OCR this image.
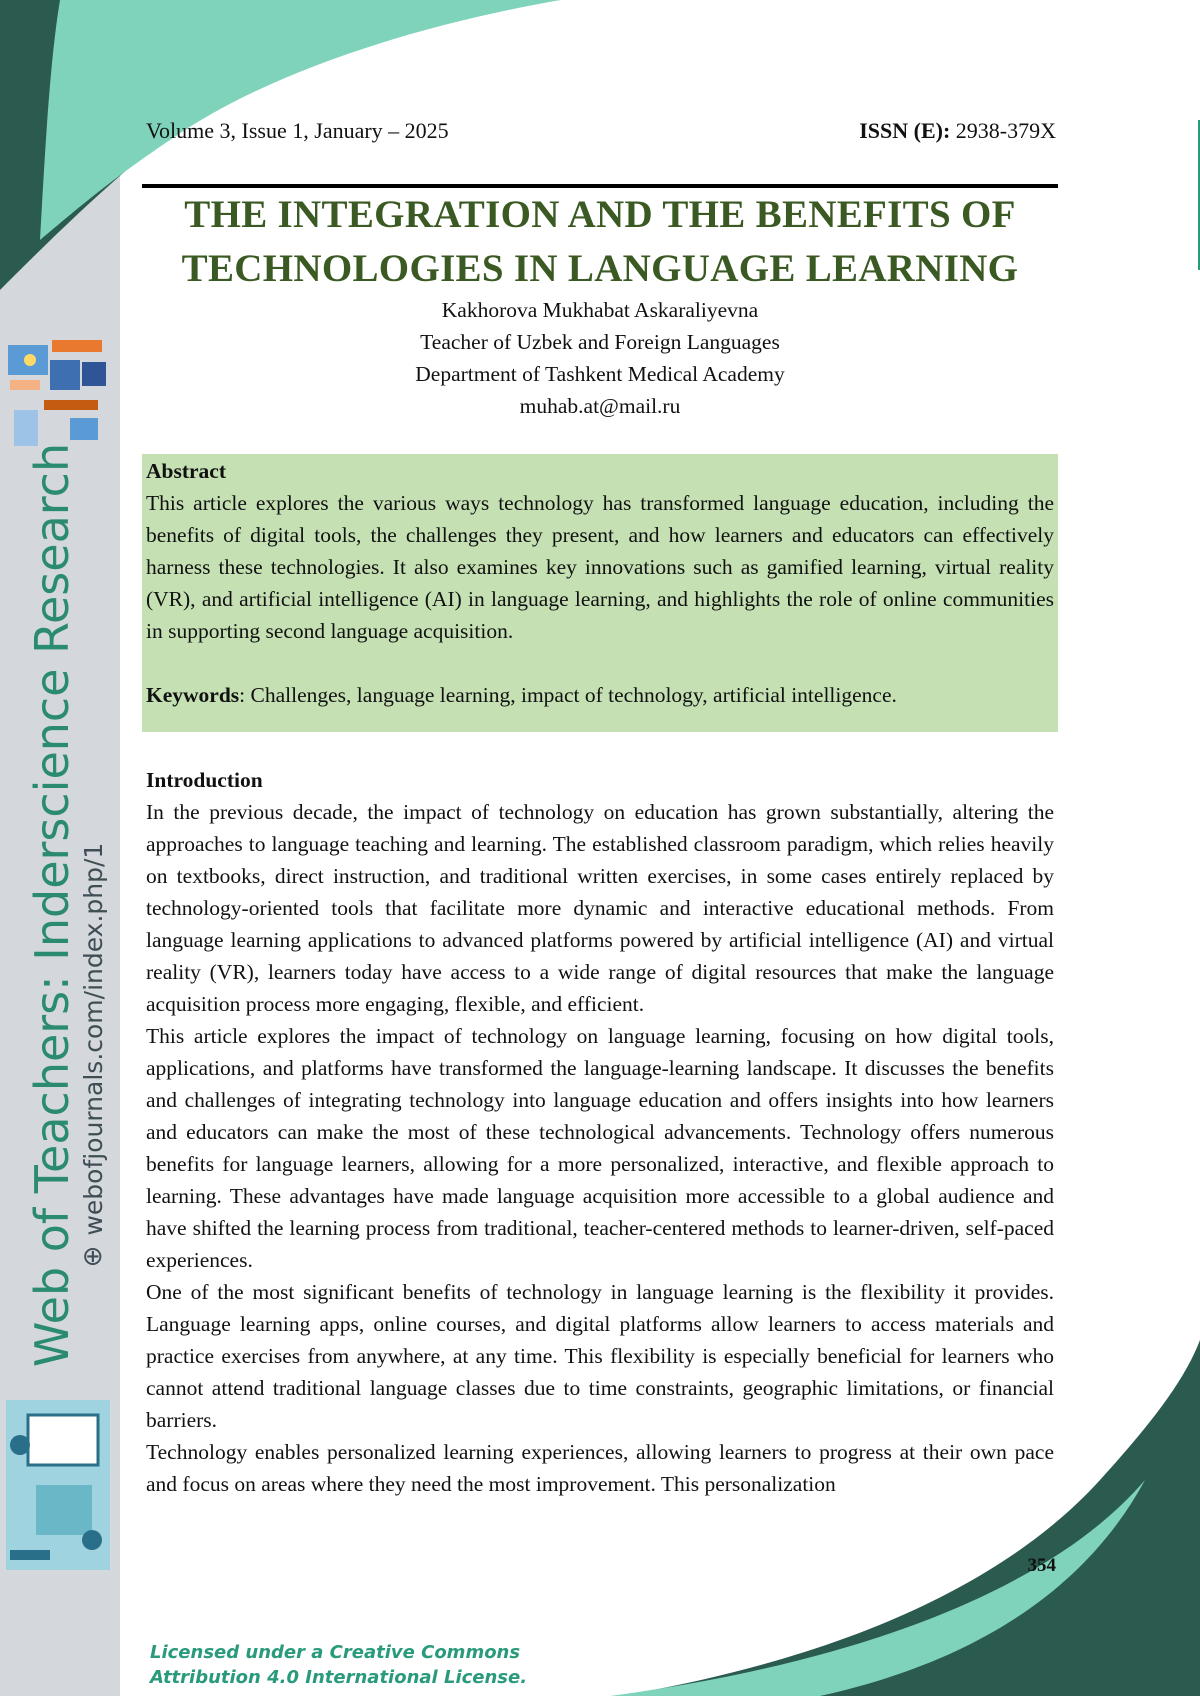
Web of Teachers: Inderscience Research ⊕
webofjournals.com/index.php/1
Volume 3, Issue 1, January – 2025	ISSN (E): 2938-379X
THE INTEGRATION AND THE BENEFITS OF
TECHNOLOGIES IN LANGUAGE LEARNING
Kakhorova Mukhabat Askaraliyevna
Teacher of Uzbek and Foreign Languages
Department of Tashkent Medical Academy
muhab.at@mail.ru
Abstract

This article explores the various ways technology has transformed language education, including the benefits of digital tools, the challenges they present, and how learners and educators can effectively harness these technologies. It also examines key innovations such as gamified learning, virtual reality (VR), and artificial intelligence (AI) in language learning, and highlights the role of online communities in supporting second language acquisition.

Keywords: Challenges, language learning, impact of technology, artificial intelligence.
Introduction

In the previous decade, the impact of technology on education has grown substantially, altering the approaches to language teaching and learning. The established classroom paradigm, which relies heavily on textbooks, direct instruction, and traditional written exercises, in some cases entirely replaced by technology-oriented tools that facilitate more dynamic and interactive educational methods. From language learning applications to advanced platforms powered by artificial intelligence (AI) and virtual reality (VR), learners today have access to a wide range of digital resources that make the language acquisition process more engaging, flexible, and efficient.

This article explores the impact of technology on language learning, focusing on how digital tools, applications, and platforms have transformed the language-learning landscape. It discusses the benefits and challenges of integrating technology into language education and offers insights into how learners and educators can make the most of these technological advancements. Technology offers numerous benefits for language learners, allowing for a more personalized, interactive, and flexible approach to learning. These advantages have made language acquisition more accessible to a global audience and have shifted the learning process from traditional, teacher-centered methods to learner-driven, self-paced experiences.

One of the most significant benefits of technology in language learning is the flexibility it provides. Language learning apps, online courses, and digital platforms allow learners to access materials and practice exercises from anywhere, at any time. This flexibility is especially beneficial for learners who cannot attend traditional language classes due to time constraints, geographic limitations, or financial barriers.

Technology enables personalized learning experiences, allowing learners to progress at their own pace and focus on areas where they need the most improvement. This personalization

354
Licensed under a Creative Commons
Attribution 4.0 International License.
